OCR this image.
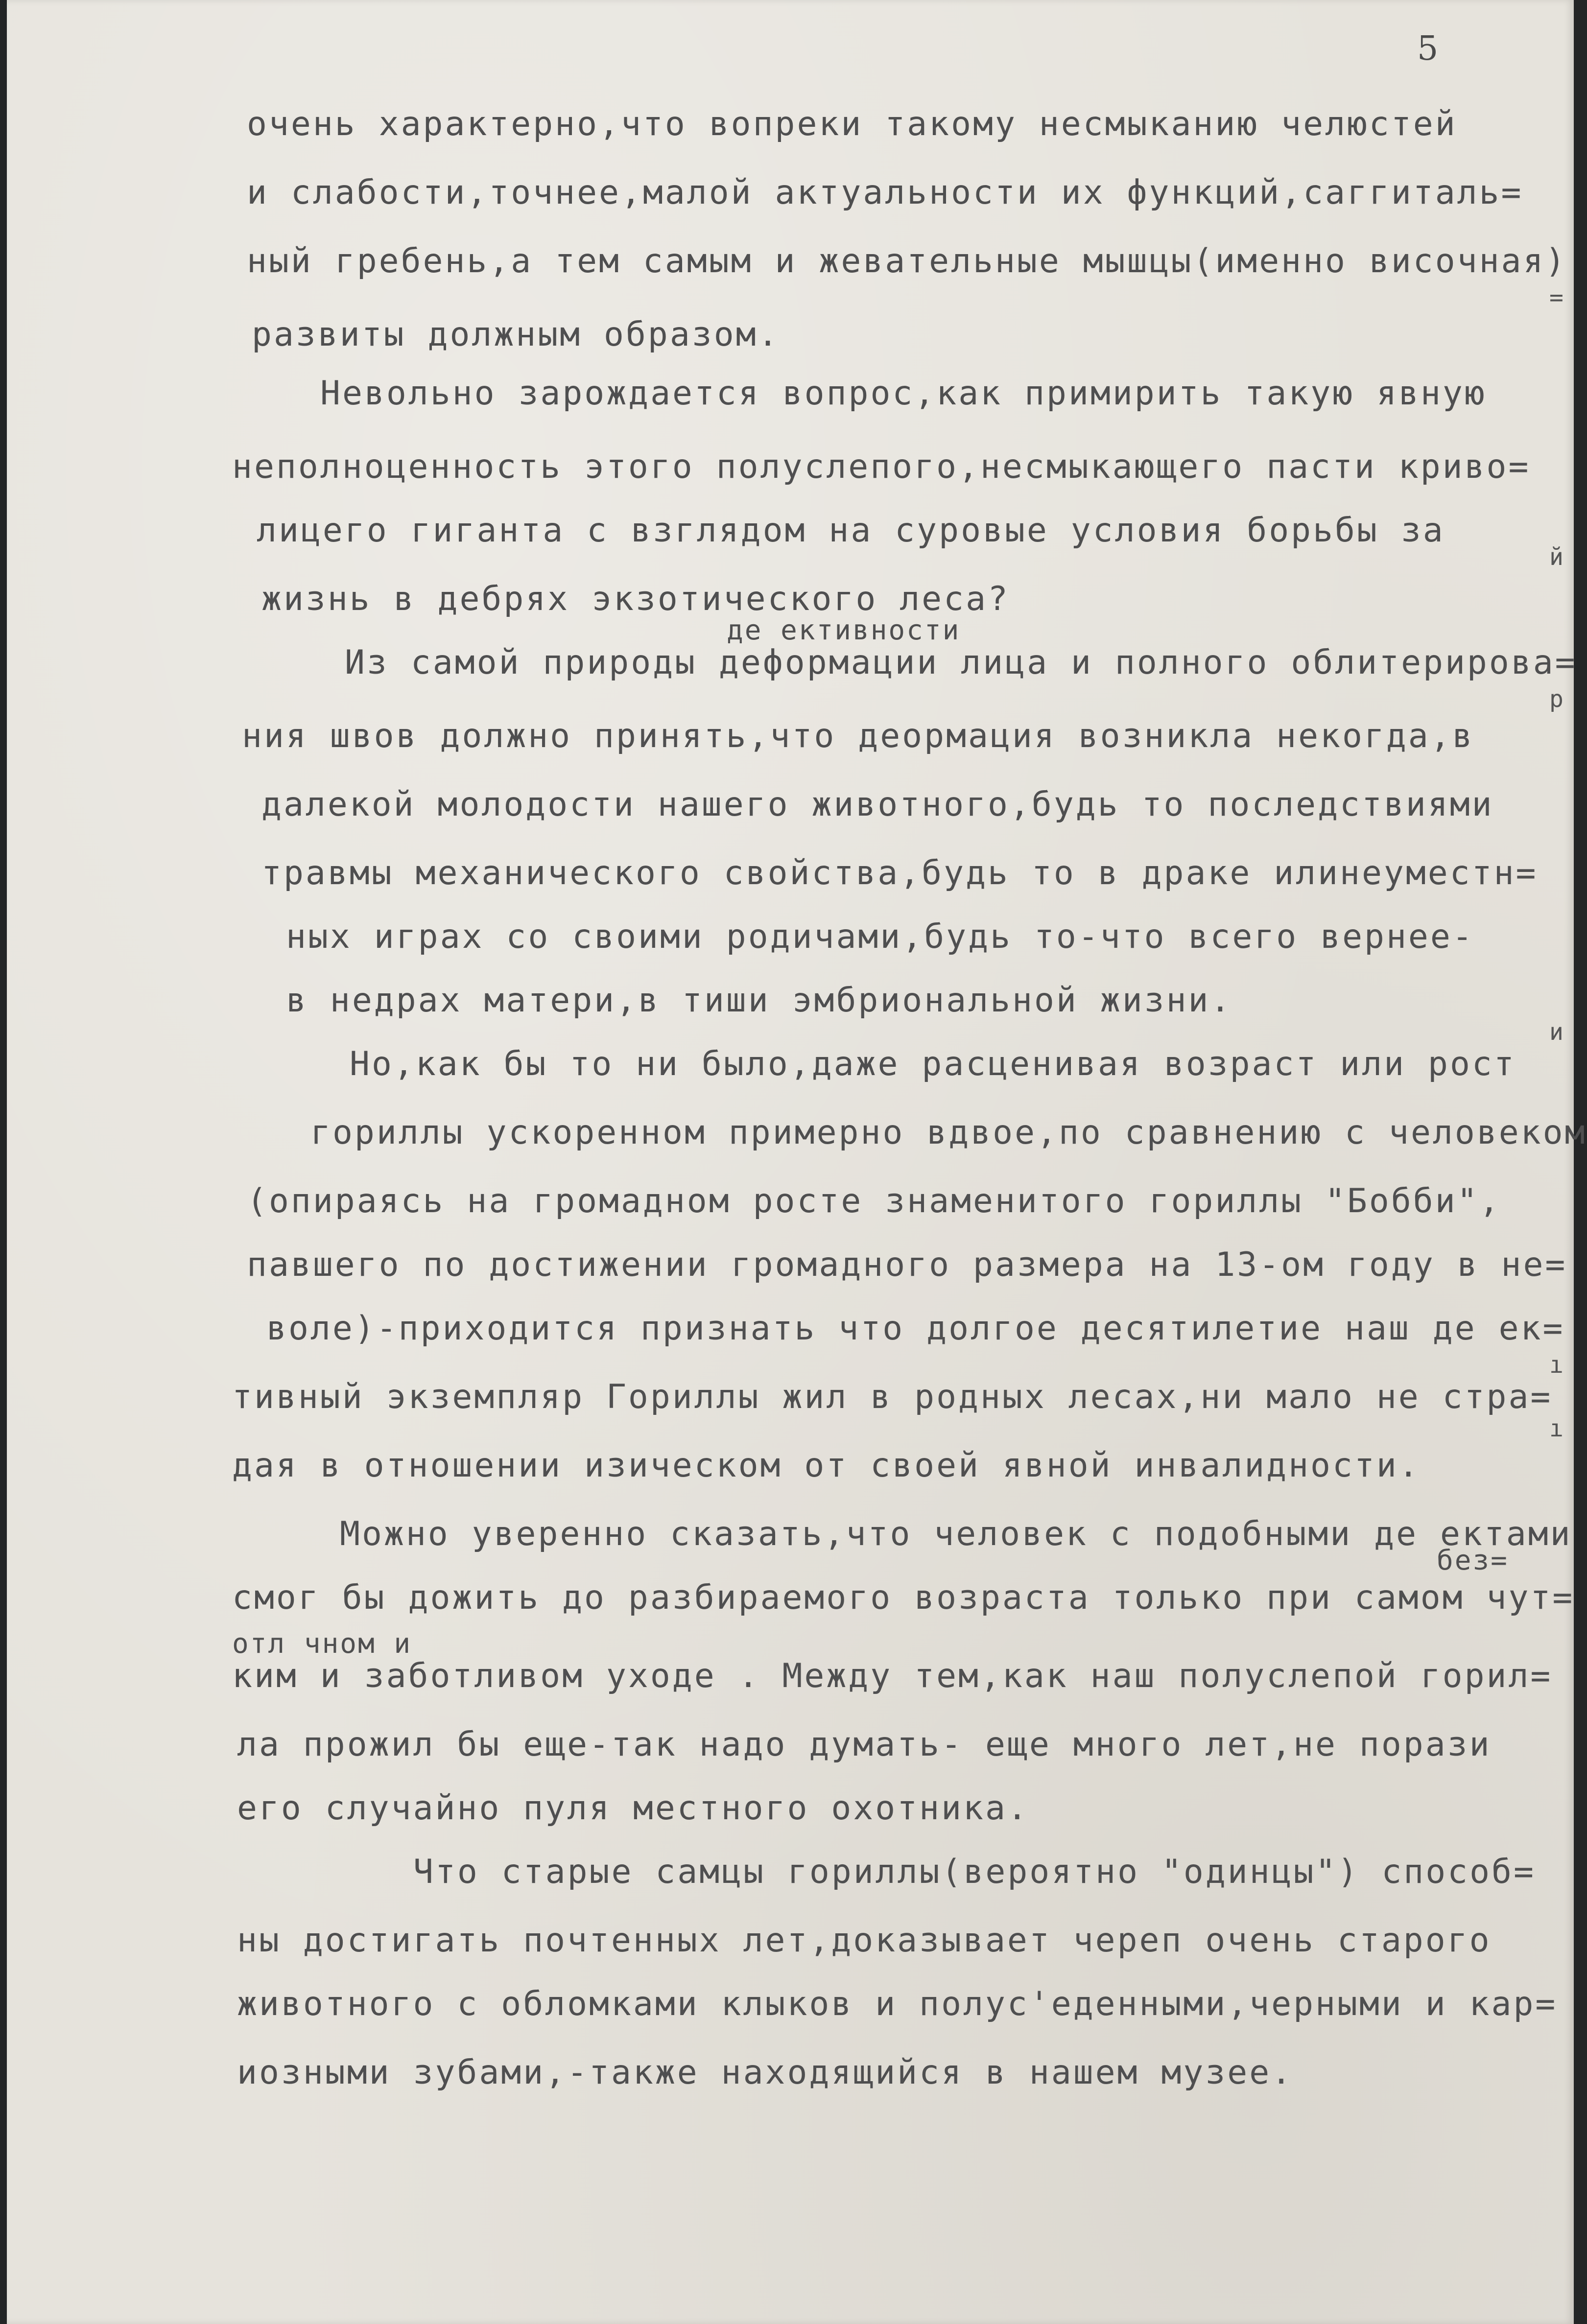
5
очень характерно,что вопреки такому несмыканию челюстей
и слабости,точнее,малой актуальности их функций,саггиталь=
ный гребень,а тем самым и жевательные мышцы(именно височная)
развиты должным образом.
Невольно зарождается вопрос,как примирить такую явную
неполноценность этого полуслепого,несмыкающего пасти криво=
лицего гиганта с взглядом на суровые условия борьбы за
жизнь в дебрях экзотического леса?
де ективности
Из самой природы деформации лица и полного облитерирова=
ния швов должно принять,что деормация возникла некогда,в
далекой молодости нашего животного,будь то последствиями
травмы механического свойства,будь то в драке илинеуместн=
ных играх со своими родичами,будь то-что всего вернее-
в недрах матери,в тиши эмбриональной жизни.
Но,как бы то ни было,даже расценивая возраст или рост
гориллы ускоренном примерно вдвое,по сравнению с человеком
(опираясь на громадном росте знаменитого гориллы "Бобби",
павшего по достижении громадного размера на 13-ом году в не=
воле)-приходится признать что долгое десятилетие наш де ек=
тивный экземпляр Гориллы жил в родных лесах,ни мало не стра=
дая в отношении изическом от своей явной инвалидности.
Можно уверенно сказать,что человек с подобными де ектами
без=
смог бы дожить до разбираемого возраста только при самом чут=
отл чном и
ким и заботливом уходе . Между тем,как наш полуслепой горил=
ла прожил бы еще-так надо думать- еще много лет,не порази
его случайно пуля местного охотника.
Что старые самцы гориллы(вероятно "одинцы") способ=
ны достигать почтенных лет,доказывает череп очень старого
животного с обломками клыков и полус'еденными,черными и кар=
иозными зубами,-также находящийся в нашем музее.
=
й
р
и
ı
ı
